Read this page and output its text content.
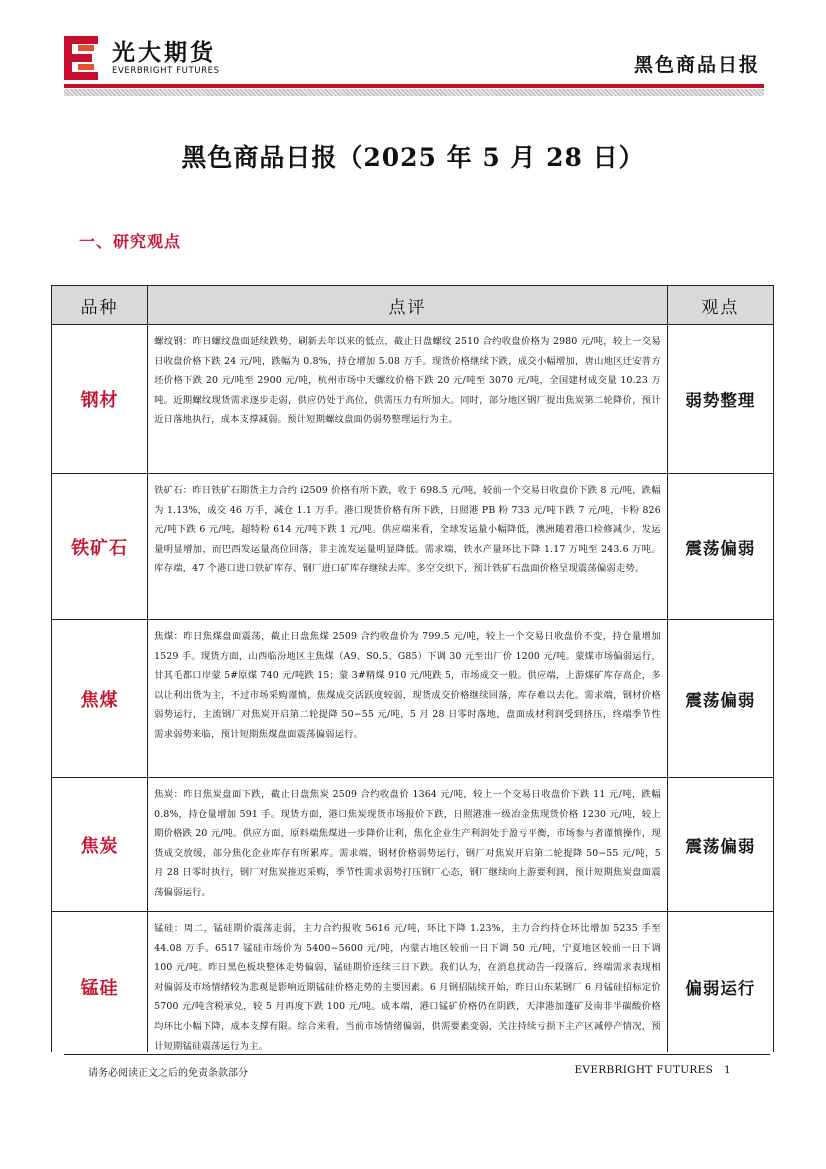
光大期货
EVERBRIGHT FUTURES	黑色商品日报
黑色商品日报（2025 年 5 月 28 日）
一、研究观点
品种	点评	观点
钢材	螺纹钢：昨日螺纹盘面延续跌势，刷新去年以来的低点，截止日盘螺纹 2510 合约收盘价格为 2980 元/吨，较上一交易日收盘价格下跌 24 元/吨，跌幅为 0.8%，持仓增加 5.08 万手。现货价格继续下跌，成交小幅增加，唐山地区迁安普方坯价格下跌 20 元/吨至 2900 元/吨，杭州市场中天螺纹价格下跌 20 元/吨至 3070 元/吨，全国建材成交量 10.23 万吨。近期螺纹现货需求逐步走弱，供应仍处于高位，供需压力有所加大。同时，部分地区钢厂提出焦炭第二轮降价，预计近日落地执行，成本支撑减弱。预计短期螺纹盘面仍弱势整理运行为主。	弱势整理
铁矿石	铁矿石：昨日铁矿石期货主力合约 i2509 价格有所下跌，收于 698.5 元/吨，较前一个交易日收盘价下跌 8 元/吨，跌幅为 1.13%，成交 46 万手，减仓 1.1 万手。港口现货价格有所下跌，日照港 PB 粉 733 元/吨下跌 7 元/吨，卡粉 826 元/吨下跌 6 元/吨，超特粉 614 元/吨下跌 1 元/吨。供应端来看，全球发运量小幅降低，澳洲随着港口检修减少，发运量明显增加，而巴西发运量高位回落，非主流发运量明显降低。需求端，铁水产量环比下降 1.17 万吨至 243.6 万吨。库存端，47 个港口进口铁矿库存、钢厂进口矿库存继续去库。多空交织下，预计铁矿石盘面价格呈现震荡偏弱走势。	震荡偏弱
焦煤	焦煤：昨日焦煤盘面震荡，截止日盘焦煤 2509 合约收盘价为 799.5 元/吨，较上一个交易日收盘价不变，持仓量增加 1529 手。现货方面，山西临汾地区主焦煤（A9、S0.5、G85）下调 30 元至出厂价 1200 元/吨。蒙煤市场偏弱运行，甘其毛都口岸蒙 5#原煤 740 元/吨跌 15；蒙 3#精煤 910 元/吨跌 5，市场成交一般。供应端，上游煤矿库存高企，多以让利出货为主，不过市场采购谨慎，焦煤成交活跃度较弱，现货成交价格继续回落，库存难以去化。需求端，钢材价格弱势运行，主流钢厂对焦炭开启第二轮提降 50−55 元/吨，5 月 28 日零时落地，盘面成材利润受到挤压，终端季节性需求弱势来临，预计短期焦煤盘面震荡偏弱运行。	震荡偏弱
焦炭	焦炭：昨日焦炭盘面下跌，截止日盘焦炭 2509 合约收盘价 1364 元/吨，较上一个交易日收盘价下跌 11 元/吨，跌幅 0.8%，持仓量增加 591 手。现货方面，港口焦炭现货市场报价下跌，日照港准一级冶金焦现货价格 1230 元/吨，较上期价格跌 20 元/吨。供应方面，原料端焦煤进一步降价让利，焦化企业生产利润处于盈亏平衡，市场参与者谨慎操作，现货成交放缓，部分焦化企业库存有所累库。需求端，钢材价格弱势运行，钢厂对焦炭开启第二轮提降 50−55 元/吨，5 月 28 日零时执行，钢厂对焦炭推迟采购，季节性需求弱势打压钢厂心态，钢厂继续向上游要利润，预计短期焦炭盘面震荡偏弱运行。	震荡偏弱
锰硅	锰硅：周二，锰硅期价震荡走弱，主力合约报收 5616 元/吨，环比下降 1.23%，主力合约持仓环比增加 5235 手至 44.08 万手。6517 锰硅市场价为 5400−5600 元/吨，内蒙古地区较前一日下调 50 元/吨，宁夏地区较前一日下调 100 元/吨。昨日黑色板块整体走势偏弱，锰硅期价连续三日下跌。我们认为，在消息扰动告一段落后，终端需求表现相对偏弱及市场情绪较为悲观是影响近期锰硅价格走势的主要因素。6 月钢招陆续开始，昨日山东某钢厂 6 月锰硅招标定价 5700 元/吨含税承兑，较 5 月再度下跌 100 元/吨。成本端，港口锰矿价格仍在阴跌，天津港加蓬矿及南非半碳酸价格均环比小幅下降，成本支撑有限。综合来看，当前市场情绪偏弱，供需要素变弱，关注持续亏损下主产区减停产情况，预计短期锰硅震荡运行为主。	偏弱运行
请务必阅读正文之后的免责条款部分	EVERBRIGHT FUTURES 1
